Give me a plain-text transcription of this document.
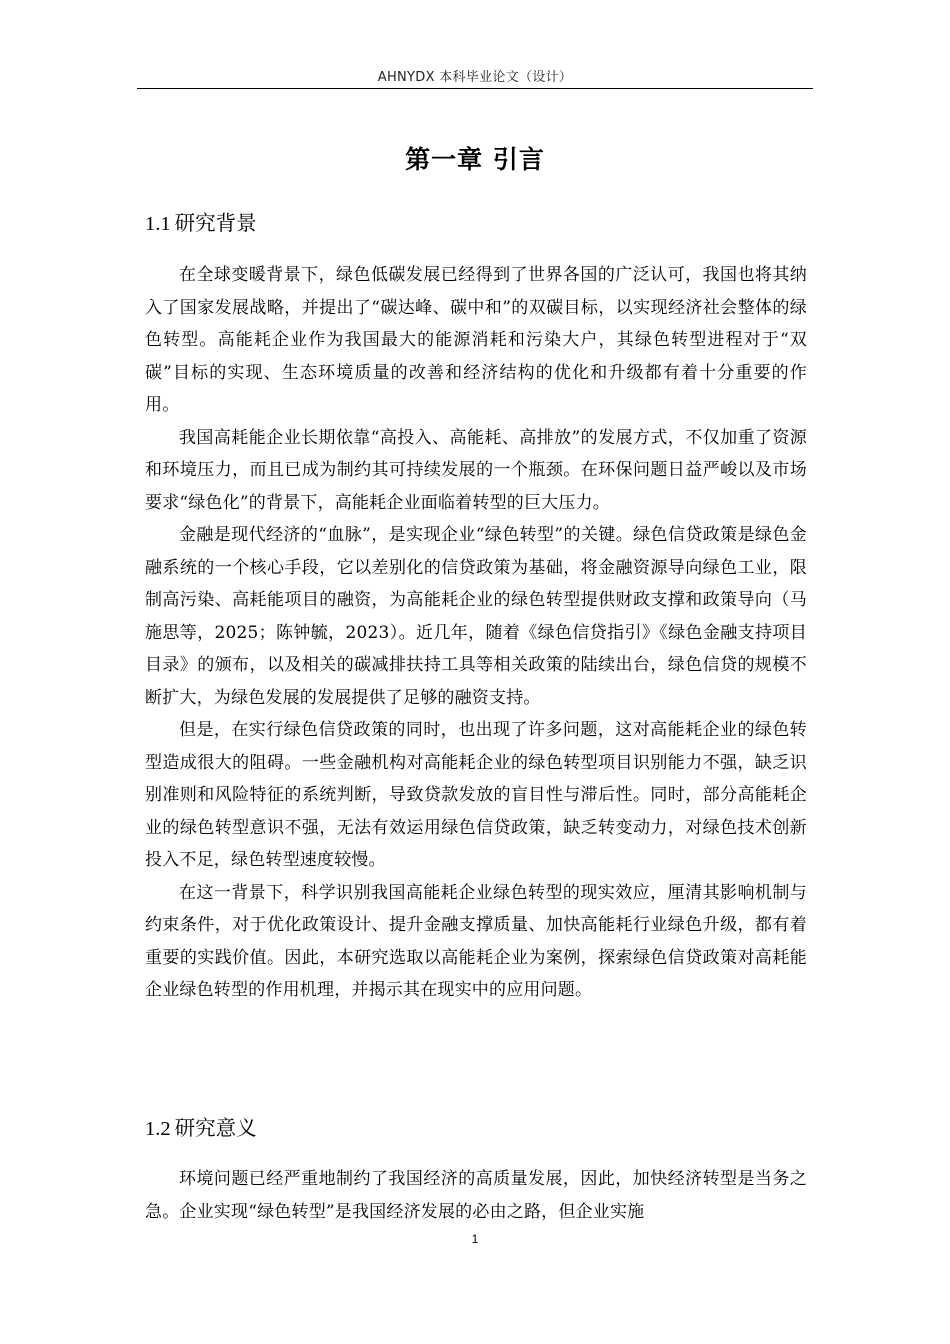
AHNYDX 本科毕业论文（设计）
第一章 引言
1.1 研究背景

在全球变暖背景下，绿色低碳发展已经得到了世界各国的广泛认可，我国也将其纳入了国家发展战略，并提出了“碳达峰、碳中和”的双碳目标，以实现经济社会整体的绿色转型。高能耗企业作为我国最大的能源消耗和污染大户，其绿色转型进程对于“双碳”目标的实现、生态环境质量的改善和经济结构的优化和升级都有着十分重要的作用。

我国高耗能企业长期依靠“高投入、高能耗、高排放”的发展方式，不仅加重了资源和环境压力，而且已成为制约其可持续发展的一个瓶颈。在环保问题日益严峻以及市场要求“绿色化”的背景下，高能耗企业面临着转型的巨大压力。

金融是现代经济的“血脉”，是实现企业“绿色转型”的关键。绿色信贷政策是绿色金融系统的一个核心手段，它以差别化的信贷政策为基础，将金融资源导向绿色工业，限制高污染、高耗能项目的融资，为高能耗企业的绿色转型提供财政支撑和政策导向（马施思等，2025；陈钟毓，2023）。近几年，随着《绿色信贷指引》《绿色金融支持项目目录》的颁布，以及相关的碳减排扶持工具等相关政策的陆续出台，绿色信贷的规模不断扩大，为绿色发展的发展提供了足够的融资支持。

但是，在实行绿色信贷政策的同时，也出现了许多问题，这对高能耗企业的绿色转型造成很大的阻碍。一些金融机构对高能耗企业的绿色转型项目识别能力不强，缺乏识别准则和风险特征的系统判断，导致贷款发放的盲目性与滞后性。同时，部分高能耗企业的绿色转型意识不强，无法有效运用绿色信贷政策，缺乏转变动力，对绿色技术创新投入不足，绿色转型速度较慢。

在这一背景下，科学识别我国高能耗企业绿色转型的现实效应，厘清其影响机制与约束条件，对于优化政策设计、提升金融支撑质量、加快高能耗行业绿色升级，都有着重要的实践价值。因此，本研究选取以高能耗企业为案例，探索绿色信贷政策对高耗能企业绿色转型的作用机理，并揭示其在现实中的应用问题。

1.2 研究意义

环境问题已经严重地制约了我国经济的高质量发展，因此，加快经济转型是当务之急。企业实现“绿色转型”是我国经济发展的必由之路，但企业实施

1
